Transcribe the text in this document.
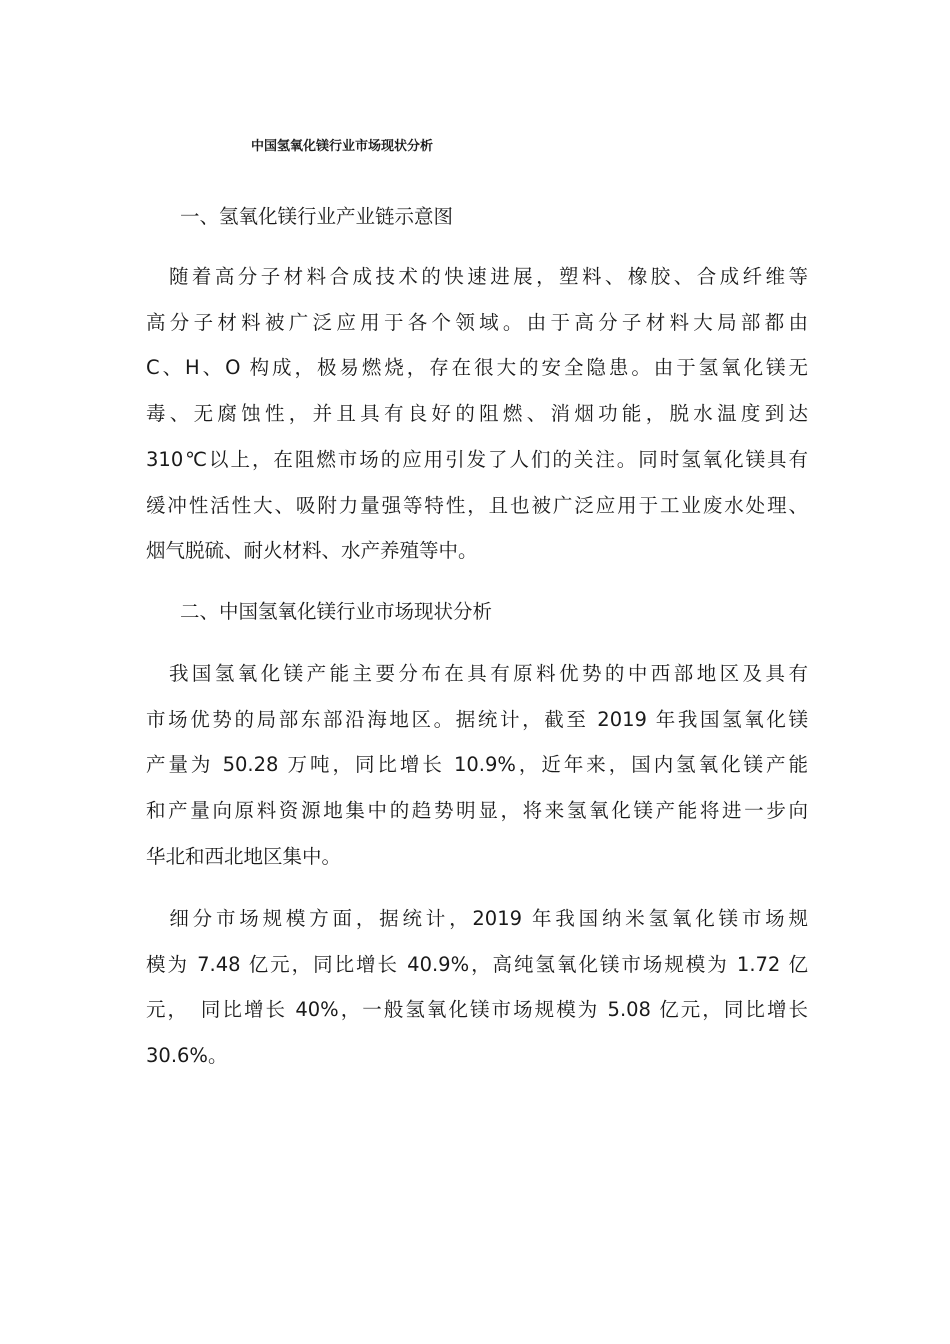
中国氢氧化镁行业市场现状分析
一、氢氧化镁行业产业链示意图
　随着高分子材料合成技术的快速进展，塑料、橡胶、合成纤维等
高分子材料被广泛应用于各个领域。由于高分子材料大局部都由
C、H、O 构成，极易燃烧，存在很大的安全隐患。由于氢氧化镁无
毒、无腐蚀性，并且具有良好的阻燃、消烟功能，脱水温度到达
310℃以上，在阻燃市场的应用引发了人们的关注。同时氢氧化镁具有
缓冲性活性大、吸附力量强等特性，且也被广泛应用于工业废水处理、
烟气脱硫、耐火材料、水产养殖等中。
二、中国氢氧化镁行业市场现状分析
　我国氢氧化镁产能主要分布在具有原料优势的中西部地区及具有
市场优势的局部东部沿海地区。据统计，截至 2019 年我国氢氧化镁
产量为 50.28 万吨，同比增长 10.9%，近年来，国内氢氧化镁产能
和产量向原料资源地集中的趋势明显，将来氢氧化镁产能将进一步向
华北和西北地区集中。
　细分市场规模方面，据统计，2019 年我国纳米氢氧化镁市场规
模为 7.48 亿元，同比增长 40.9%，高纯氢氧化镁市场规模为 1.72 亿
元，　同比增长 40%，一般氢氧化镁市场规模为 5.08 亿元，同比增长
30.6%。
